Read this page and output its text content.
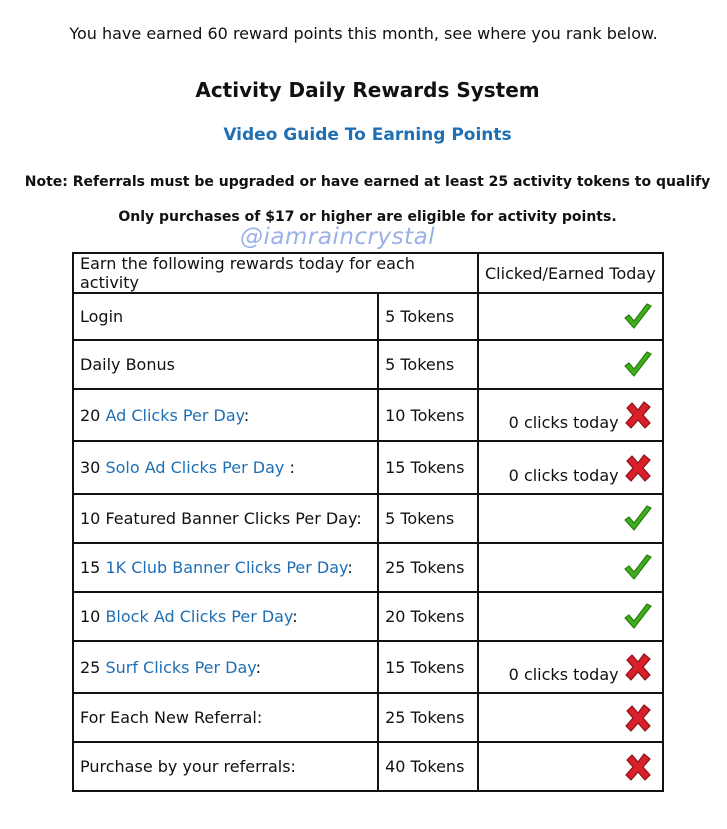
You have earned 60 reward points this month, see where you rank below.
Activity Daily Rewards System
Video Guide To Earning Points
Note: Referrals must be upgraded or have earned at least 25 activity tokens to qualify
Only purchases of $17 or higher are eligible for activity points.
@iamraincrystal
Earn the following rewards today for each activity		Clicked/Earned Today
Login	5 Tokens	

Daily Bonus	5 Tokens	

20 Ad Clicks Per Day:	10 Tokens	0 clicks today

30 Solo Ad Clicks Per Day :	15 Tokens	0 clicks today

10 Featured Banner Clicks Per Day:	5 Tokens	

15 1K Club Banner Clicks Per Day:	25 Tokens	

10 Block Ad Clicks Per Day:	20 Tokens	

25 Surf Clicks Per Day:	15 Tokens	0 clicks today

For Each New Referral:	25 Tokens	

Purchase by your referrals:	40 Tokens	
